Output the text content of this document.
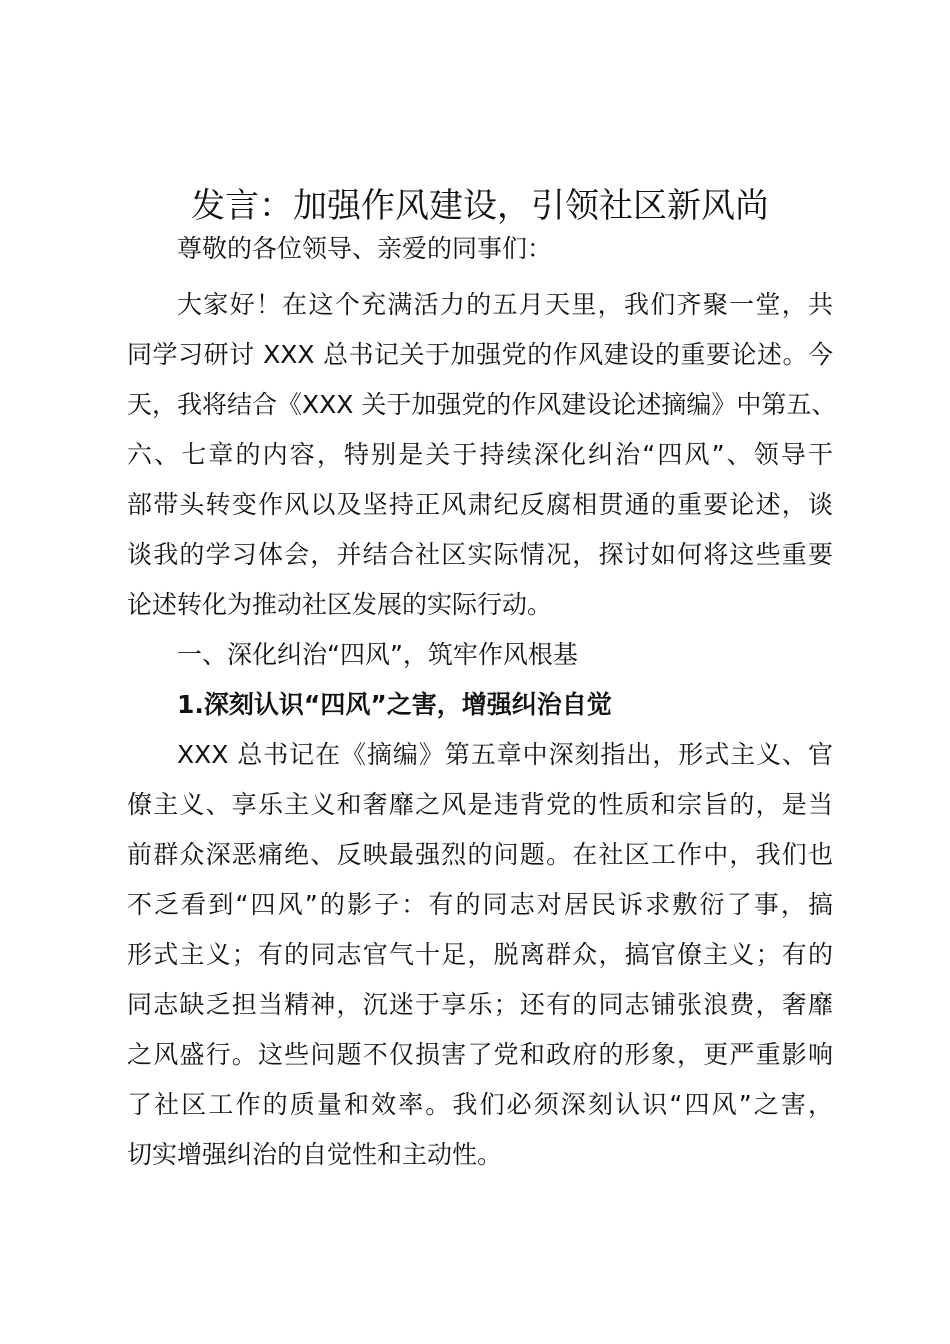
发言：加强作风建设，引领社区新风尚

尊敬的各位领导、亲爱的同事们：

大家好！在这个充满活力的五月天里，我们齐聚一堂，共
同学习研讨 XXX 总书记关于加强党的作风建设的重要论述。今
天，我将结合《XXX 关于加强党的作风建设论述摘编》中第五、
六、七章的内容，特别是关于持续深化纠治“四风”、领导干
部带头转变作风以及坚持正风肃纪反腐相贯通的重要论述，谈
谈我的学习体会，并结合社区实际情况，探讨如何将这些重要
论述转化为推动社区发展的实际行动。

一、深化纠治“四风”，筑牢作风根基

1.深刻认识“四风”之害，增强纠治自觉

XXX 总书记在《摘编》第五章中深刻指出，形式主义、官
僚主义、享乐主义和奢靡之风是违背党的性质和宗旨的，是当
前群众深恶痛绝、反映最强烈的问题。在社区工作中，我们也
不乏看到“四风”的影子：有的同志对居民诉求敷衍了事，搞
形式主义；有的同志官气十足，脱离群众，搞官僚主义；有的
同志缺乏担当精神，沉迷于享乐；还有的同志铺张浪费，奢靡
之风盛行。这些问题不仅损害了党和政府的形象，更严重影响
了社区工作的质量和效率。我们必须深刻认识“四风”之害，
切实增强纠治的自觉性和主动性。
